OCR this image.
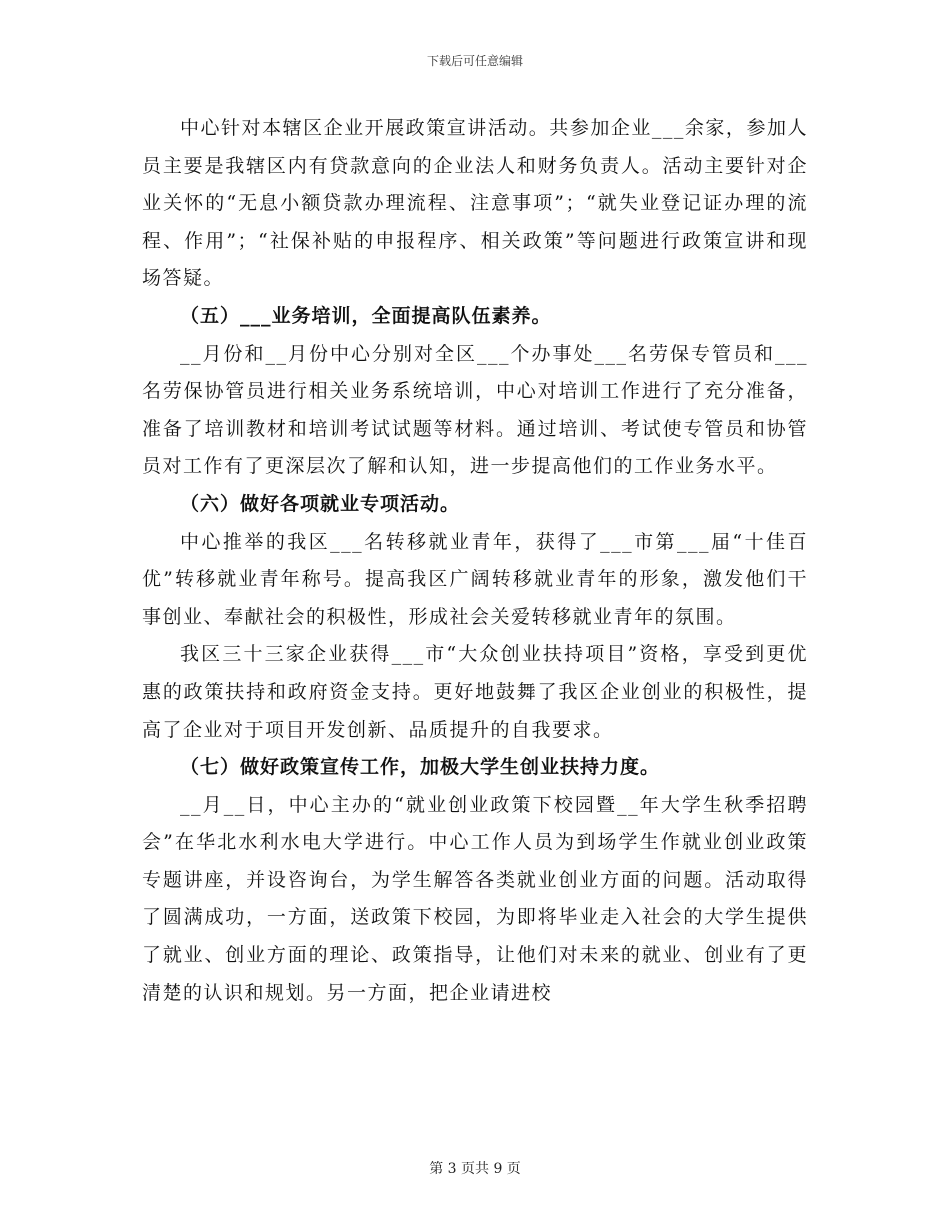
下载后可任意编辑

中心针对本辖区企业开展政策宣讲活动。共参加企业___余家，参加人员主要是我辖区内有贷款意向的企业法人和财务负责人。活动主要针对企业关怀的“无息小额贷款办理流程、注意事项”；“就失业登记证办理的流程、作用”；“社保补贴的申报程序、相关政策”等问题进行政策宣讲和现场答疑。

（五）___业务培训，全面提高队伍素养。

__月份和__月份中心分别对全区___个办事处___名劳保专管员和___名劳保协管员进行相关业务系统培训，中心对培训工作进行了充分准备，准备了培训教材和培训考试试题等材料。通过培训、考试使专管员和协管员对工作有了更深层次了解和认知，进一步提高他们的工作业务水平。

（六）做好各项就业专项活动。

中心推举的我区___名转移就业青年，获得了___市第___届“十佳百优”转移就业青年称号。提高我区广阔转移就业青年的形象，激发他们干事创业、奉献社会的积极性，形成社会关爱转移就业青年的氛围。

我区三十三家企业获得___市“大众创业扶持项目”资格，享受到更优惠的政策扶持和政府资金支持。更好地鼓舞了我区企业创业的积极性，提高了企业对于项目开发创新、品质提升的自我要求。

（七）做好政策宣传工作，加极大学生创业扶持力度。

__月__日，中心主办的“就业创业政策下校园暨__年大学生秋季招聘会”在华北水利水电大学进行。中心工作人员为到场学生作就业创业政策专题讲座，并设咨询台，为学生解答各类就业创业方面的问题。活动取得了圆满成功，一方面，送政策下校园，为即将毕业走入社会的大学生提供了就业、创业方面的理论、政策指导，让他们对未来的就业、创业有了更清楚的认识和规划。另一方面，把企业请进校

第 3 页共 9 页
